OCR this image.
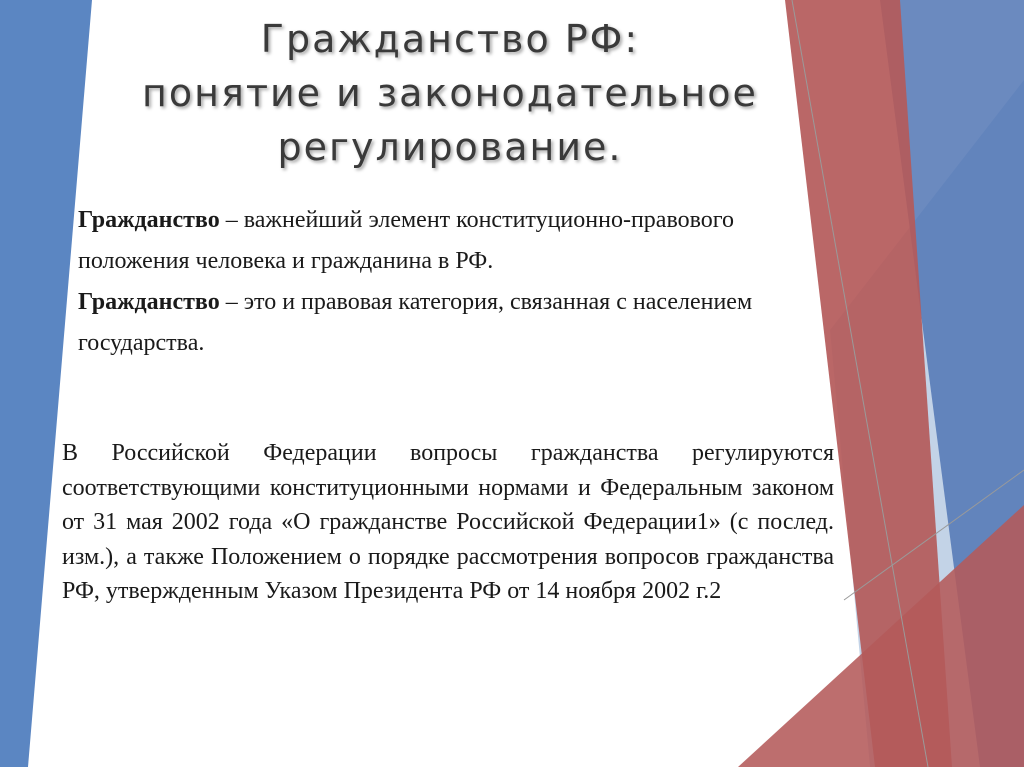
Гражданство РФ:
понятие и законодательное
регулирование.
Гражданство – важнейший элемент конституционно-правового положения человека и гражданина в РФ.
Гражданство – это и правовая категория, связанная с населением государства.

В Российской Федерации вопросы гражданства регулируются соответствующими конституционными нормами и Федеральным законом от 31 мая 2002 года «О гражданстве Российской Федерации1» (с послед. изм.), а также Положением о порядке рассмотрения вопросов гражданства РФ, утвержденным Указом Президента РФ от 14 ноября 2002 г.2
